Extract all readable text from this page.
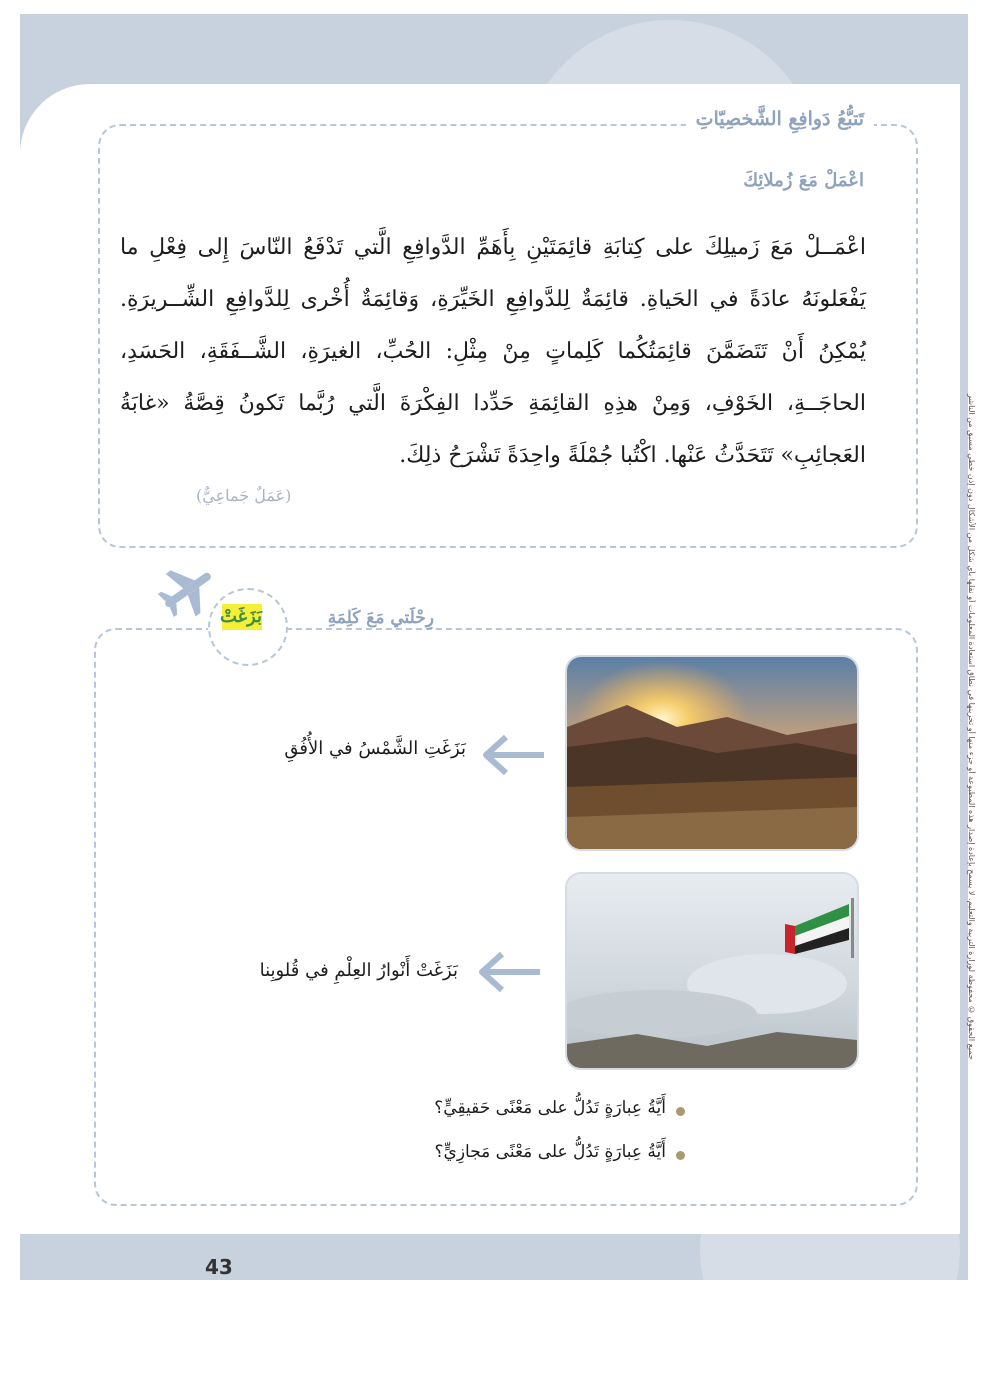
تَتبُّعُ دَوافِعِ الشَّخصِيّاتِ
اعْمَلْ مَعَ زُملائِكَ
اعْمَــلْ مَعَ زَميلِكَ على كِتابَةِ قائِمَتَيْنِ بِأَهَمِّ الدَّوافِعِ الَّتي تَدْفَعُ النّاسَ إِلى فِعْلِ ما يَفْعَلونَهُ عادَةً في الحَياةِ. قائِمَةٌ لِلدَّوافِعِ الخَيِّرَةِ، وَقائِمَةٌ أُخْرى لِلدَّوافِعِ الشِّــريرَةِ. يُمْكِنُ أَنْ تَتَضَمَّنَ قائِمَتُكُما كَلِماتٍ مِنْ مِثْلِ: الحُبِّ، الغيرَةِ، الشَّــفَقَةِ، الحَسَدِ، الحاجَــةِ، الخَوْفِ، وَمِنْ هذِهِ القائِمَةِ حَدِّدا الفِكْرَةَ الَّتي رُبَّما تَكونُ قِصَّةُ «غابَةُ العَجائِبِ» تَتَحَدَّثُ عَنْها. اكْتُبا جُمْلَةً واحِدَةً تَشْرَحُ ذلِكَ.
(عَمَلٌ جَماعِيٌّ)
رِحْلَتي مَعَ كَلِمَةِ
بَزَغَتْ
بَزَغَتِ الشَّمْسُ في الأُفُقِ
بَزَغَتْ أَنْوارُ العِلْمِ في قُلوبِنا
أَيَّةُ عِبارَةٍ تَدُلُّ على مَعْنًى حَقيقِيٍّ؟
أَيَّةُ عِبارَةٍ تَدُلُّ على مَعْنًى مَجازِيٍّ؟
43
جميع الحقوق © محفوظة لوزارة التربية والتعليم. لا يسمح بإعادة إصدار هذه المطبوعة أو جزء منها أو تخزينها في نطاق استعادة المعلومات أو نقلها بأي شكل من الأشكال دون إذن خطي مسبق من الناشر
